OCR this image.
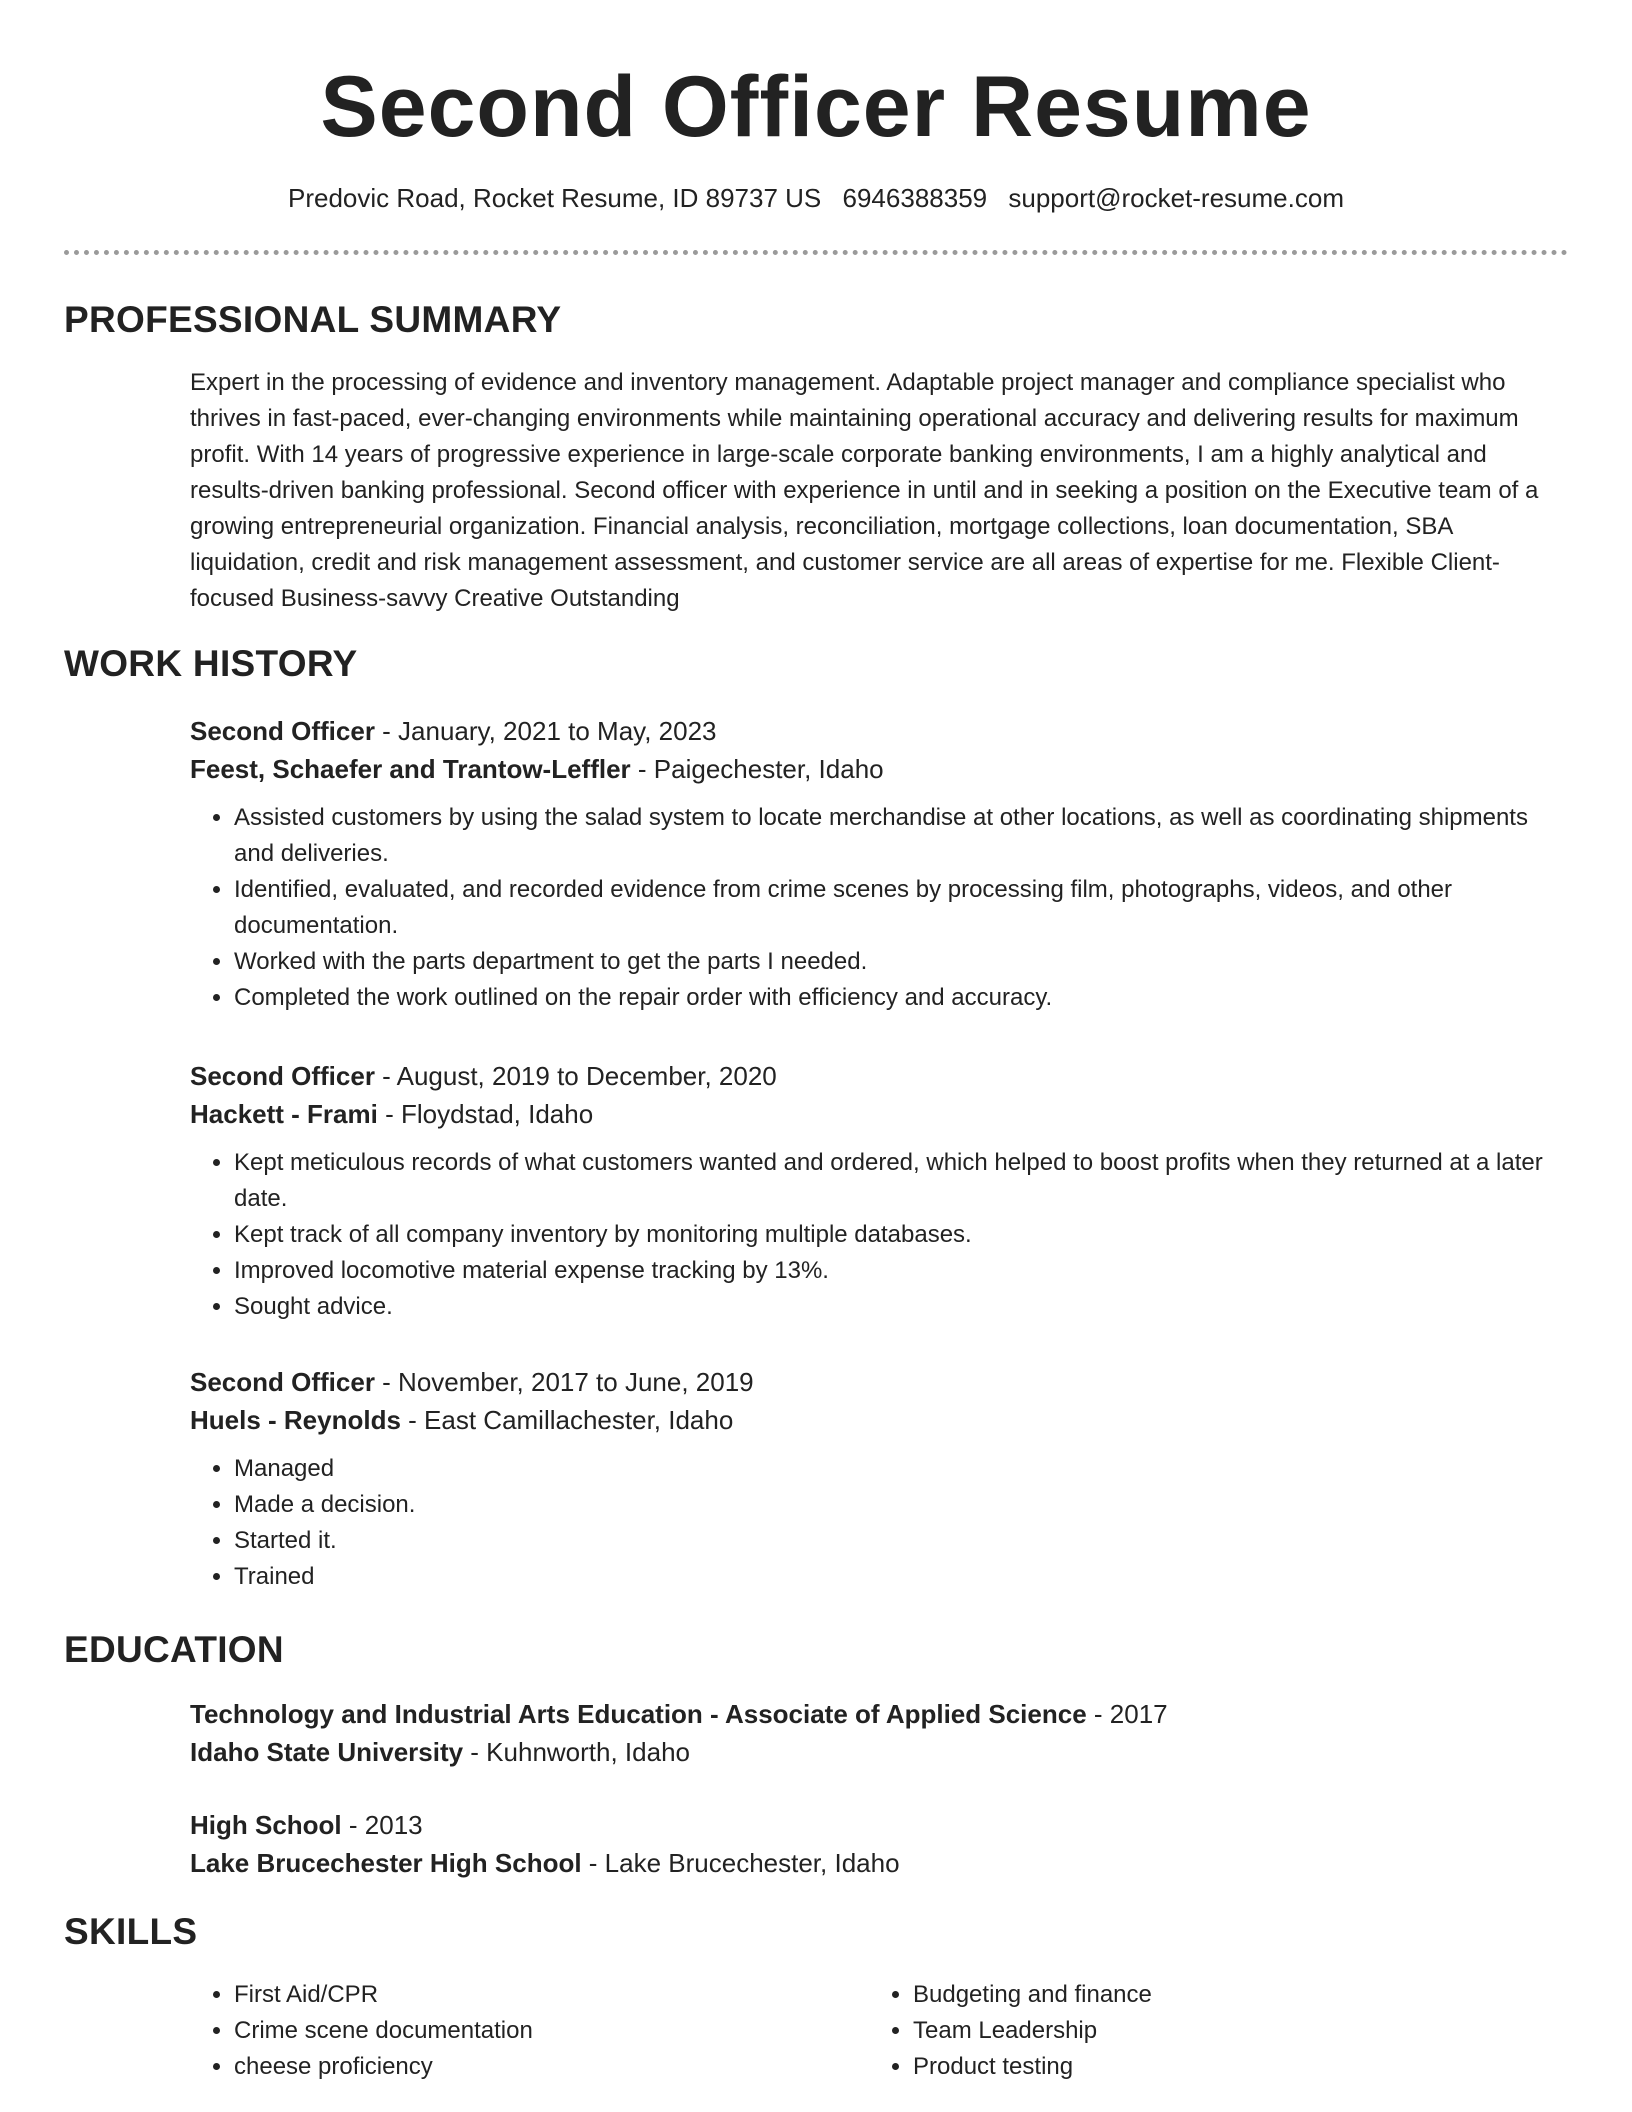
Second Officer Resume
Predovic Road, Rocket Resume, ID 89737 US 6946388359 support@rocket-resume.com
PROFESSIONAL SUMMARY

Expert in the processing of evidence and inventory management. Adaptable project manager and compliance specialist who thrives in fast-paced, ever-changing environments while maintaining operational accuracy and delivering results for maximum profit. With 14 years of progressive experience in large-scale corporate banking environments, I am a highly analytical and results-driven banking professional. Second officer with experience in until and in seeking a position on the Executive team of a growing entrepreneurial organization. Financial analysis, reconciliation, mortgage collections, loan documentation, SBA liquidation, credit and risk management assessment, and customer service are all areas of expertise for me. Flexible Client-focused Business-savvy Creative Outstanding

WORK HISTORY

Second Officer - January, 2021 to May, 2023

Feest, Schaefer and Trantow-Leffler - Paigechester, Idaho

• Assisted customers by using the salad system to locate merchandise at other locations, as well as coordinating shipments and deliveries.
• Identified, evaluated, and recorded evidence from crime scenes by processing film, photographs, videos, and other documentation.
• Worked with the parts department to get the parts I needed.
• Completed the work outlined on the repair order with efficiency and accuracy.

Second Officer - August, 2019 to December, 2020

Hackett - Frami - Floydstad, Idaho

• Kept meticulous records of what customers wanted and ordered, which helped to boost profits when they returned at a later date.
• Kept track of all company inventory by monitoring multiple databases.
• Improved locomotive material expense tracking by 13%.
• Sought advice.

Second Officer - November, 2017 to June, 2019

Huels - Reynolds - East Camillachester, Idaho

• Managed
• Made a decision.
• Started it.
• Trained
EDUCATION

Technology and Industrial Arts Education - Associate of Applied Science - 2017

Idaho State University - Kuhnworth, Idaho

High School - 2013

Lake Brucechester High School - Lake Brucechester, Idaho

SKILLS
• First Aid/CPR
• Crime scene documentation
• cheese proficiency
• Budgeting and finance
• Team Leadership
• Product testing
